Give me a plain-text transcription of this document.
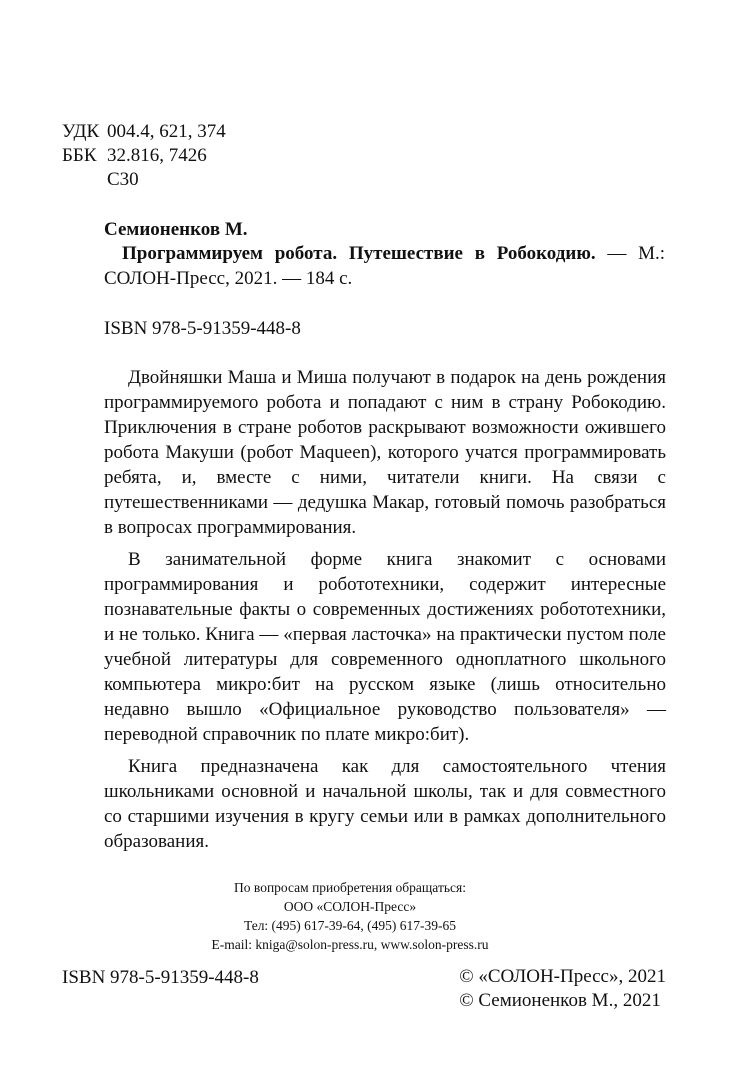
УДК 004.4, 621, 374
ББК 32.816, 7426
С30
Семионенков М.
Программируем робота. Путешествие в Робокодию. — М.: СОЛОН-Пресс, 2021. — 184 с.
ISBN 978-5-91359-448-8

Двойняшки Маша и Миша получают в подарок на день рождения программируемого робота и попадают с ним в страну Робокодию. Приключения в стране роботов раскрывают возможности ожившего робота Макуши (робот Maqueen), которого учатся программировать ребята, и, вместе с ними, читатели книги. На связи с путешественниками — дедушка Макар, готовый помочь разобраться в вопросах программирования.

В занимательной форме книга знакомит с основами программирования и робототехники, содержит интересные познавательные факты о современных достижениях робототехники, и не только. Книга — «первая ласточка» на практически пустом поле учебной литературы для современного одноплатного школьного компьютера микро:бит на русском языке (лишь относительно недавно вышло «Официальное руководство пользователя» — переводной справочник по плате микро:бит).

Книга предназначена как для самостоятельного чтения школьниками основной и начальной школы, так и для совместного со старшими изучения в кругу семьи или в рамках дополнительного образования.

По вопросам приобретения обращаться:
ООО «СОЛОН-Пресс»
Тел: (495) 617-39-64, (495) 617-39-65
E-mail: kniga@solon-press.ru, www.solon-press.ru
ISBN 978-5-91359-448-8	© «СОЛОН-Пресс», 2021
© Семионенков М., 2021
